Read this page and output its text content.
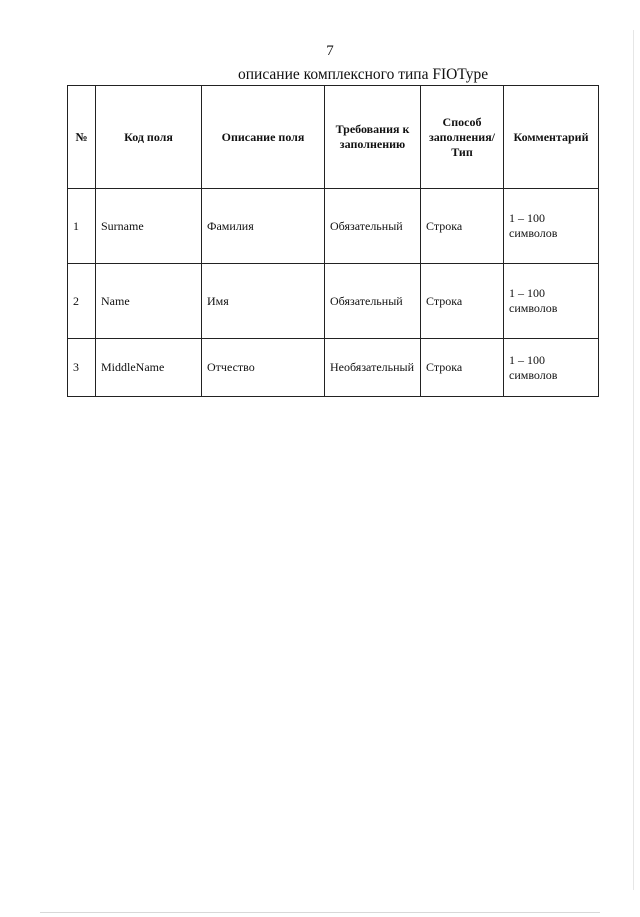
7
описание комплексного типа FIOType
№	Код поля	Описание поля	Требования к заполнению	Способ заполнения/ Тип	Комментарий
1	Surname	Фамилия	Обязательный	Строка	1 – 100 символов
2	Name	Имя	Обязательный	Строка	1 – 100 символов
3	MiddleName	Отчество	Необязательный	Строка	1 – 100 символов
